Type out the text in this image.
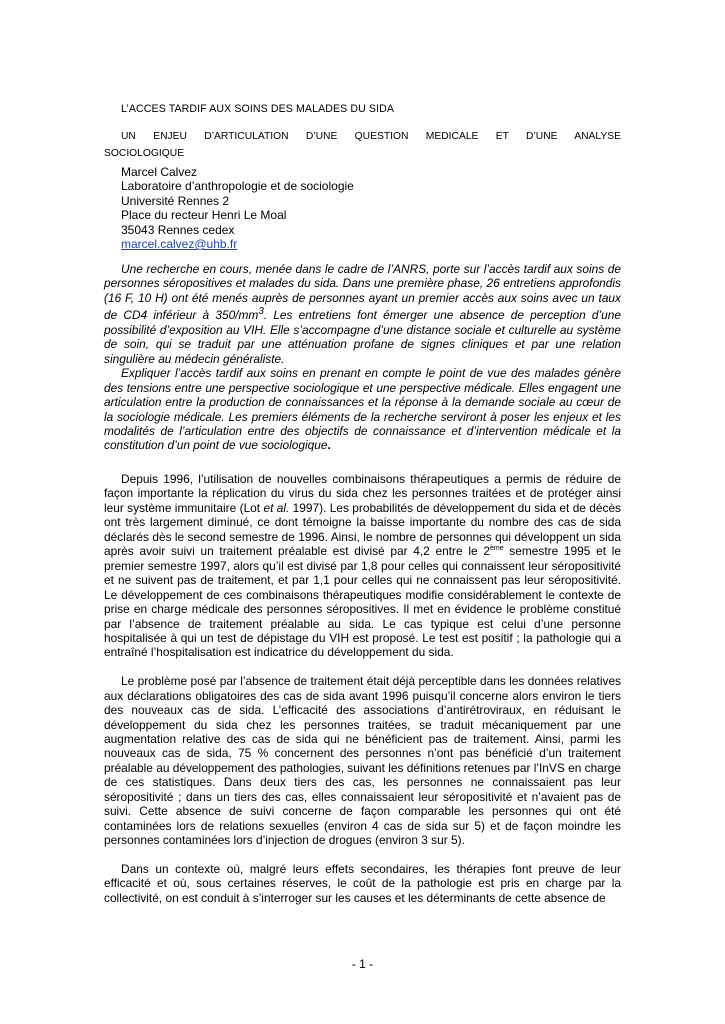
L’ACCES TARDIF AUX SOINS DES MALADES DU SIDA
UN ENJEU D’ARTICULATION D’UNE QUESTION MEDICALE ET D’UNE ANALYSE
SOCIOLOGIQUE
Marcel Calvez
Laboratoire d’anthropologie et de sociologie
Université Rennes 2
Place du recteur Henri Le Moal
35043 Rennes cedex
marcel.calvez@uhb.fr

Une recherche en cours, menée dans le cadre de l’ANRS, porte sur l’accès tardif aux soins de personnes séropositives et malades du sida. Dans une première phase, 26 entretiens approfondis (16 F, 10 H) ont été menés auprès de personnes ayant un premier accès aux soins avec un taux de CD4 inférieur à $350/mm^3$. Les entretiens font émerger une absence de perception d’une possibilité d’exposition au VIH. Elle s’accompagne d’une distance sociale et culturelle au système de soin, qui se traduit par une atténuation profane de signes cliniques et par une relation singulière au médecin généraliste.

Expliquer l’accès tardif aux soins en prenant en compte le point de vue des malades génère des tensions entre une perspective sociologique et une perspective médicale. Elles engagent une articulation entre la production de connaissances et la réponse à la demande sociale au cœur de la sociologie médicale. Les premiers éléments de la recherche serviront à poser les enjeux et les modalités de l’articulation entre des objectifs de connaissance et d’intervention médicale et la constitution d’un point de vue sociologique.

Depuis 1996, l’utilisation de nouvelles combinaisons thérapeutiques a permis de réduire de façon importante la réplication du virus du sida chez les personnes traitées et de protéger ainsi leur système immunitaire (Lot et al. 1997). Les probabilités de développement du sida et de décès ont très largement diminué, ce dont témoigne la baisse importante du nombre des cas de sida déclarés dès le second semestre de 1996. Ainsi, le nombre de personnes qui développent un sida après avoir suivi un traitement préalable est divisé par 4,2 entre le 2ème semestre 1995 et le premier semestre 1997, alors qu’il est divisé par 1,8 pour celles qui connaissent leur séropositivité et ne suivent pas de traitement, et par 1,1 pour celles qui ne connaissent pas leur séropositivité. Le développement de ces combinaisons thérapeutiques modifie considérablement le contexte de prise en charge médicale des personnes séropositives. Il met en évidence le problème constitué par l’absence de traitement préalable au sida. Le cas typique est celui d’une personne hospitalisée à qui un test de dépistage du VIH est proposé. Le test est positif ; la pathologie qui a entraîné l’hospitalisation est indicatrice du développement du sida.

Le problème posé par l’absence de traitement était déjà perceptible dans les données relatives aux déclarations obligatoires des cas de sida avant 1996 puisqu’il concerne alors environ le tiers des nouveaux cas de sida. L’efficacité des associations d’antirétroviraux, en réduisant le développement du sida chez les personnes traitées, se traduit mécaniquement par une augmentation relative des cas de sida qui ne bénéficient pas de traitement. Ainsi, parmi les nouveaux cas de sida, 75 % concernent des personnes n’ont pas bénéficié d’un traitement préalable au développement des pathologies, suivant les définitions retenues par l’InVS en charge de ces statistiques. Dans deux tiers des cas, les personnes ne connaissaient pas leur séropositivité ; dans un tiers des cas, elles connaissaient leur séropositivité et n’avaient pas de suivi. Cette absence de suivi concerne de façon comparable les personnes qui ont été contaminées lors de relations sexuelles (environ 4 cas de sida sur 5) et de façon moindre les personnes contaminées lors d’injection de drogues (environ 3 sur 5).

Dans un contexte où, malgré leurs effets secondaires, les thérapies font preuve de leur efficacité et où, sous certaines réserves, le coût de la pathologie est pris en charge par la collectivité, on est conduit à s’interroger sur les causes et les déterminants de cette absence de

- 1 -
